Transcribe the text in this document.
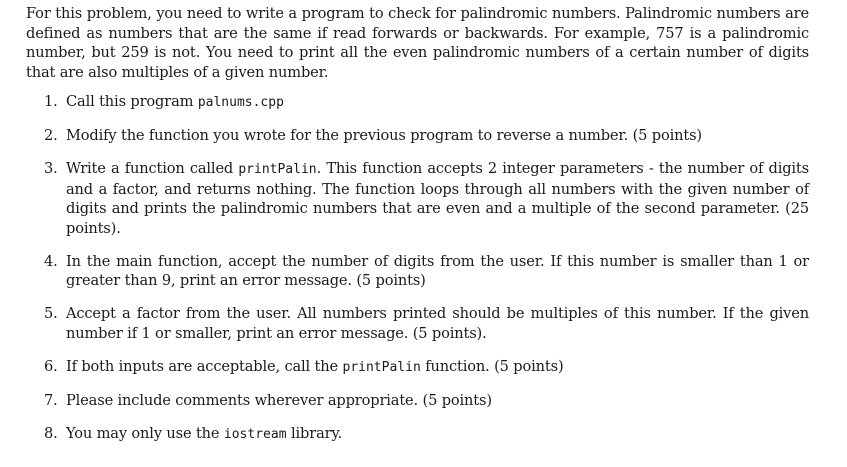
For this problem, you need to write a program to check for palindromic numbers. Palindromic numbers are defined as numbers that are the same if read forwards or backwards. For example, 757 is a palindromic number, but 259 is not. You need to print all the even palindromic numbers of a certain number of digits that are also multiples of a given number.

1. Call this program palnums.cpp
2. Modify the function you wrote for the previous program to reverse a number. (5 points)
3. Write a function called printPalin. This function accepts 2 integer parameters - the number of digits and a factor, and returns nothing. The function loops through all numbers with the given number of digits and prints the palindromic numbers that are even and a multiple of the second parameter. (25 points).
4. In the main function, accept the number of digits from the user. If this number is smaller than 1 or greater than 9, print an error message. (5 points)
5. Accept a factor from the user. All numbers printed should be multiples of this number. If the given number if 1 or smaller, print an error message. (5 points).
6. If both inputs are acceptable, call the printPalin function. (5 points)
7. Please include comments wherever appropriate. (5 points)
8. You may only use the iostream library.
